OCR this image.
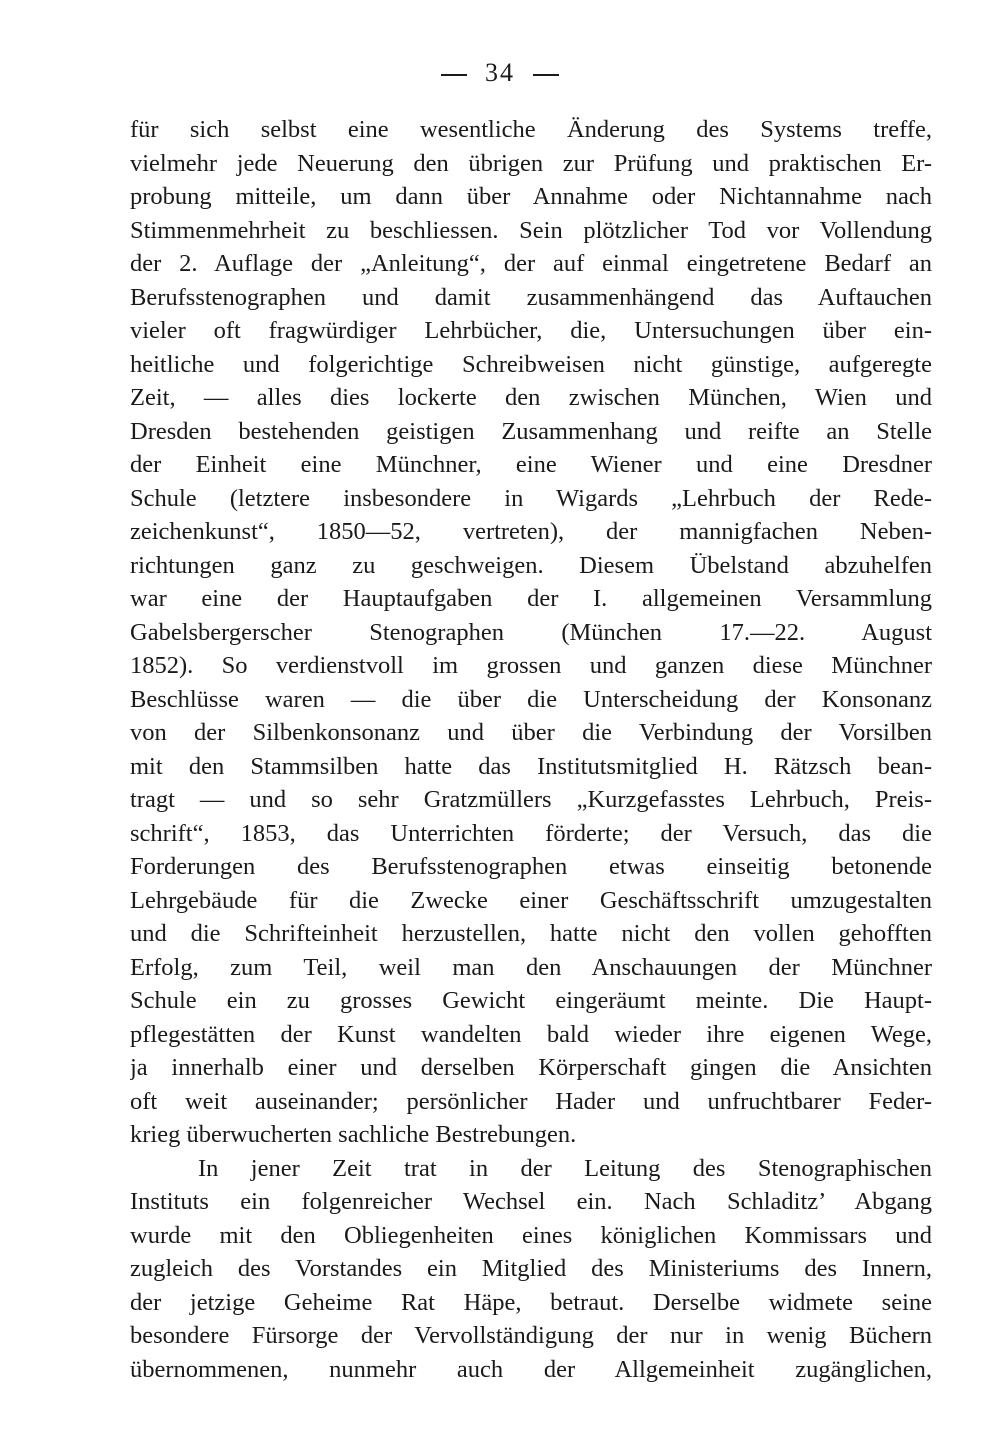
34
für sich selbst eine wesentliche Änderung des Systems treffe,
vielmehr jede Neuerung den übrigen zur Prüfung und praktischen Er-
probung mitteile, um dann über Annahme oder Nichtannahme nach
Stimmenmehrheit zu beschliessen. Sein plötzlicher Tod vor Vollendung
der 2. Auflage der „Anleitung“, der auf einmal eingetretene Bedarf an
Berufsstenographen und damit zusammenhängend das Auftauchen
vieler oft fragwürdiger Lehrbücher, die, Untersuchungen über ein-
heitliche und folgerichtige Schreibweisen nicht günstige, aufgeregte
Zeit, — alles dies lockerte den zwischen München, Wien und
Dresden bestehenden geistigen Zusammenhang und reifte an Stelle
der Einheit eine Münchner, eine Wiener und eine Dresdner
Schule (letztere insbesondere in Wigards „Lehrbuch der Rede-
zeichenkunst“, 1850—52, vertreten), der mannigfachen Neben-
richtungen ganz zu geschweigen. Diesem Übelstand abzuhelfen
war eine der Hauptaufgaben der I. allgemeinen Versammlung
Gabelsbergerscher Stenographen (München 17.—22. August
1852). So verdienstvoll im grossen und ganzen diese Münchner
Beschlüsse waren — die über die Unterscheidung der Konsonanz
von der Silbenkonsonanz und über die Verbindung der Vorsilben
mit den Stammsilben hatte das Institutsmitglied H. Rätzsch bean-
tragt — und so sehr Gratzmüllers „Kurzgefasstes Lehrbuch, Preis-
schrift“, 1853, das Unterrichten förderte; der Versuch, das die
Forderungen des Berufsstenographen etwas einseitig betonende
Lehrgebäude für die Zwecke einer Geschäftsschrift umzugestalten
und die Schrifteinheit herzustellen, hatte nicht den vollen gehofften
Erfolg, zum Teil, weil man den Anschauungen der Münchner
Schule ein zu grosses Gewicht eingeräumt meinte. Die Haupt-
pflegestätten der Kunst wandelten bald wieder ihre eigenen Wege,
ja innerhalb einer und derselben Körperschaft gingen die Ansichten
oft weit auseinander; persönlicher Hader und unfruchtbarer Feder-
krieg überwucherten sachliche Bestrebungen.
In jener Zeit trat in der Leitung des Stenographischen
Instituts ein folgenreicher Wechsel ein. Nach Schladitz’ Abgang
wurde mit den Obliegenheiten eines königlichen Kommissars und
zugleich des Vorstandes ein Mitglied des Ministeriums des Innern,
der jetzige Geheime Rat Häpe, betraut. Derselbe widmete seine
besondere Fürsorge der Vervollständigung der nur in wenig Büchern
übernommenen, nunmehr auch der Allgemeinheit zugänglichen,
